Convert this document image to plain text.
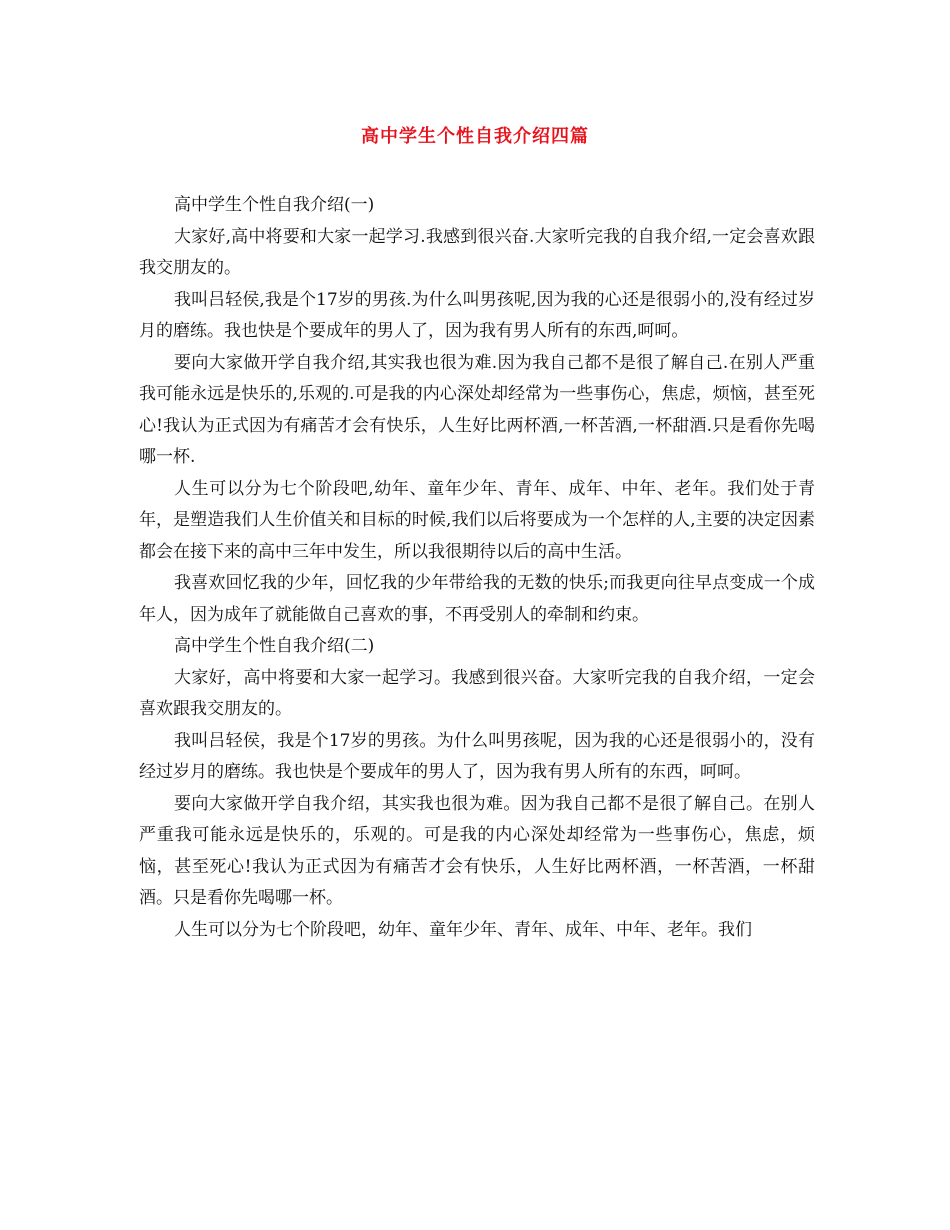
高中学生个性自我介绍四篇

高中学生个性自我介绍(一)

大家好,高中将要和大家一起学习.我感到很兴奋.大家听完我的自我介绍,一定会喜欢跟我交朋友的。

我叫吕轻侯,我是个17岁的男孩.为什么叫男孩呢,因为我的心还是很弱小的,没有经过岁月的磨练。我也快是个要成年的男人了，因为我有男人所有的东西,呵呵。

要向大家做开学自我介绍,其实我也很为难.因为我自己都不是很了解自己.在别人严重我可能永远是快乐的,乐观的.可是我的内心深处却经常为一些事伤心，焦虑，烦恼，甚至死心!我认为正式因为有痛苦才会有快乐，人生好比两杯酒,一杯苦酒,一杯甜酒.只是看你先喝哪一杯.

人生可以分为七个阶段吧,幼年、童年少年、青年、成年、中年、老年。我们处于青年，是塑造我们人生价值关和目标的时候,我们以后将要成为一个怎样的人,主要的决定因素都会在接下来的高中三年中发生，所以我很期待以后的高中生活。

我喜欢回忆我的少年，回忆我的少年带给我的无数的快乐;而我更向往早点变成一个成年人，因为成年了就能做自己喜欢的事，不再受别人的牵制和约束。

高中学生个性自我介绍(二)

大家好，高中将要和大家一起学习。我感到很兴奋。大家听完我的自我介绍，一定会喜欢跟我交朋友的。

我叫吕轻侯，我是个17岁的男孩。为什么叫男孩呢，因为我的心还是很弱小的，没有经过岁月的磨练。我也快是个要成年的男人了，因为我有男人所有的东西，呵呵。

要向大家做开学自我介绍，其实我也很为难。因为我自己都不是很了解自己。在别人严重我可能永远是快乐的，乐观的。可是我的内心深处却经常为一些事伤心，焦虑，烦恼，甚至死心!我认为正式因为有痛苦才会有快乐，人生好比两杯酒，一杯苦酒，一杯甜酒。只是看你先喝哪一杯。

人生可以分为七个阶段吧，幼年、童年少年、青年、成年、中年、老年。我们
